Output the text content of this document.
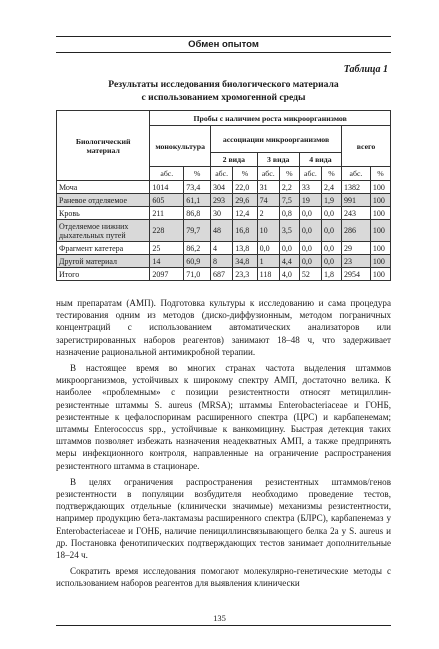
Обмен опытом
Таблица 1
Результаты исследования биологического материала
с использованием хромогенной среды
Биологический материал	Пробы с наличием роста микроорганизмов									
	монокультура		ассоциации микроорганизмов						всего	
			2 вида		3 вида		4 вида			
	абс.	%	абс.	%	абс.	%	абс.	%	абс.	%
Моча	1014	73,4	304	22,0	31	2,2	33	2,4	1382	100
Раневое отделяемое	605	61,1	293	29,6	74	7,5	19	1,9	991	100
Кровь	211	86,8	30	12,4	2	0,8	0,0	0,0	243	100
Отделяемое нижних дыхательных путей	228	79,7	48	16,8	10	3,5	0,0	0,0	286	100
Фрагмент катетера	25	86,2	4	13,8	0,0	0,0	0,0	0,0	29	100
Другой материал	14	60,9	8	34,8	1	4,4	0,0	0,0	23	100
Итого	2097	71,0	687	23,3	118	4,0	52	1,8	2954	100

ным препаратам (АМП). Подготовка культуры к исследованию и сама процедура тестирования одним из методов (диско-диффузионным, методом пограничных концентраций с использованием автоматических анализаторов или зарегистрированных наборов реагентов) занимают 18–48 ч, что задерживает назначение рациональной антимикробной терапии.

В настоящее время во многих странах частота выделения штаммов микроорганизмов, устойчивых к широкому спектру АМП, достаточно велика. К наиболее «проблемным» с позиции резистентности относят метициллин-резистентные штаммы S. aureus (MRSA); штаммы Enterobacteriaceae и ГОНБ, резистентные к цефалоспоринам расширенного спектра (ЦРС) и карбапенемам; штаммы Enterococcus spp., устойчивые к ванкомицину. Быстрая детекция таких штаммов позволяет избежать назначения неадекватных АМП, а также предпринять меры инфекционного контроля, направленные на ограничение распространения резистентного штамма в стационаре.

В целях ограничения распространения резистентных штаммов/генов резистентности в популяции возбудителя необходимо проведение тестов, подтверждающих отдельные (клинически значимые) механизмы резистентности, например продукцию бета-лактамазы расширенного спектра (БЛРС), карбапенемаз у Enterobacteriaceae и ГОНБ, наличие пенициллинсвязывающего белка 2а у S. aureus и др. Постановка фенотипических подтверждающих тестов занимает дополнительные 18–24 ч.

Сократить время исследования помогают молекулярно-генетические методы с использованием наборов реагентов для выявления клинически

135
